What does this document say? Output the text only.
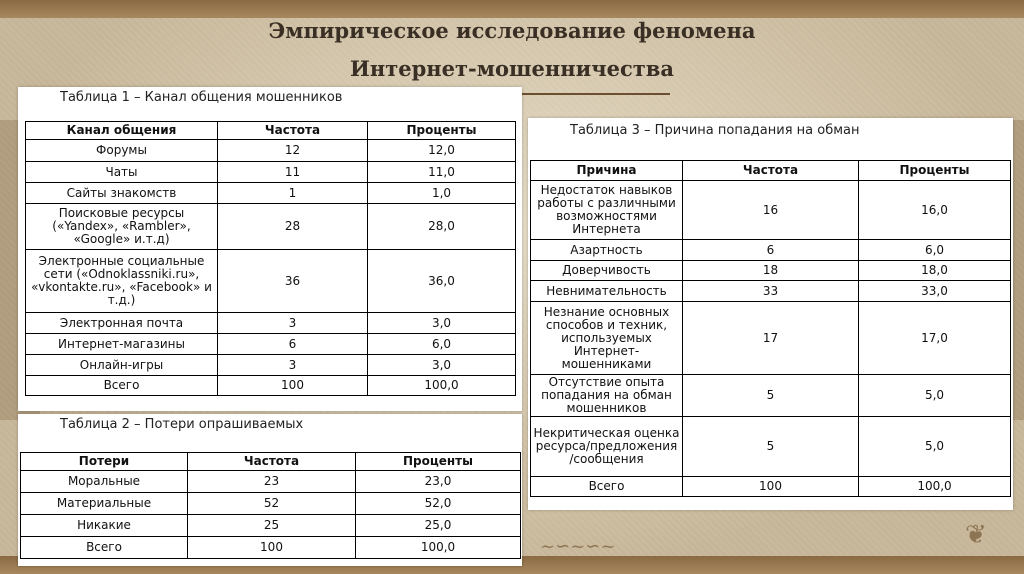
Эмпирическое исследование феномена
Интернет-мошенничества
Таблица 1 – Канал общения мошенников
Канал общения	Частота	Проценты
Форумы	12	12,0
Чаты	11	11,0
Сайты знакомств	1	1,0
Поисковые ресурсы («Yandex», «Rambler», «Google» и.т.д)	28	28,0
Электронные социальные сети («Odnoklassniki.ru», «vkontakte.ru», «Facebook» и т.д.)	36	36,0
Электронная почта	3	3,0
Интернет-магазины	6	6,0
Онлайн-игры	3	3,0
Всего	100	100,0
Таблица 2 – Потери опрашиваемых
Потери	Частота	Проценты
Моральные	23	23,0
Материальные	52	52,0
Никакие	25	25,0
Всего	100	100,0
Таблица 3 – Причина попадания на обман
Причина	Частота	Проценты
Недостаток навыков работы с различными возможностями Интернета	16	16,0
Азартность	6	6,0
Доверчивость	18	18,0
Невнимательность	33	33,0
Незнание основных способов и техник, используемых Интернет-мошенниками	17	17,0
Отсутствие опыта попадания на обман мошенников	5	5,0
Некритическая оценка ресурса/предложения /сообщения	5	5,0
Всего	100	100,0
~∽~∽~	❦
